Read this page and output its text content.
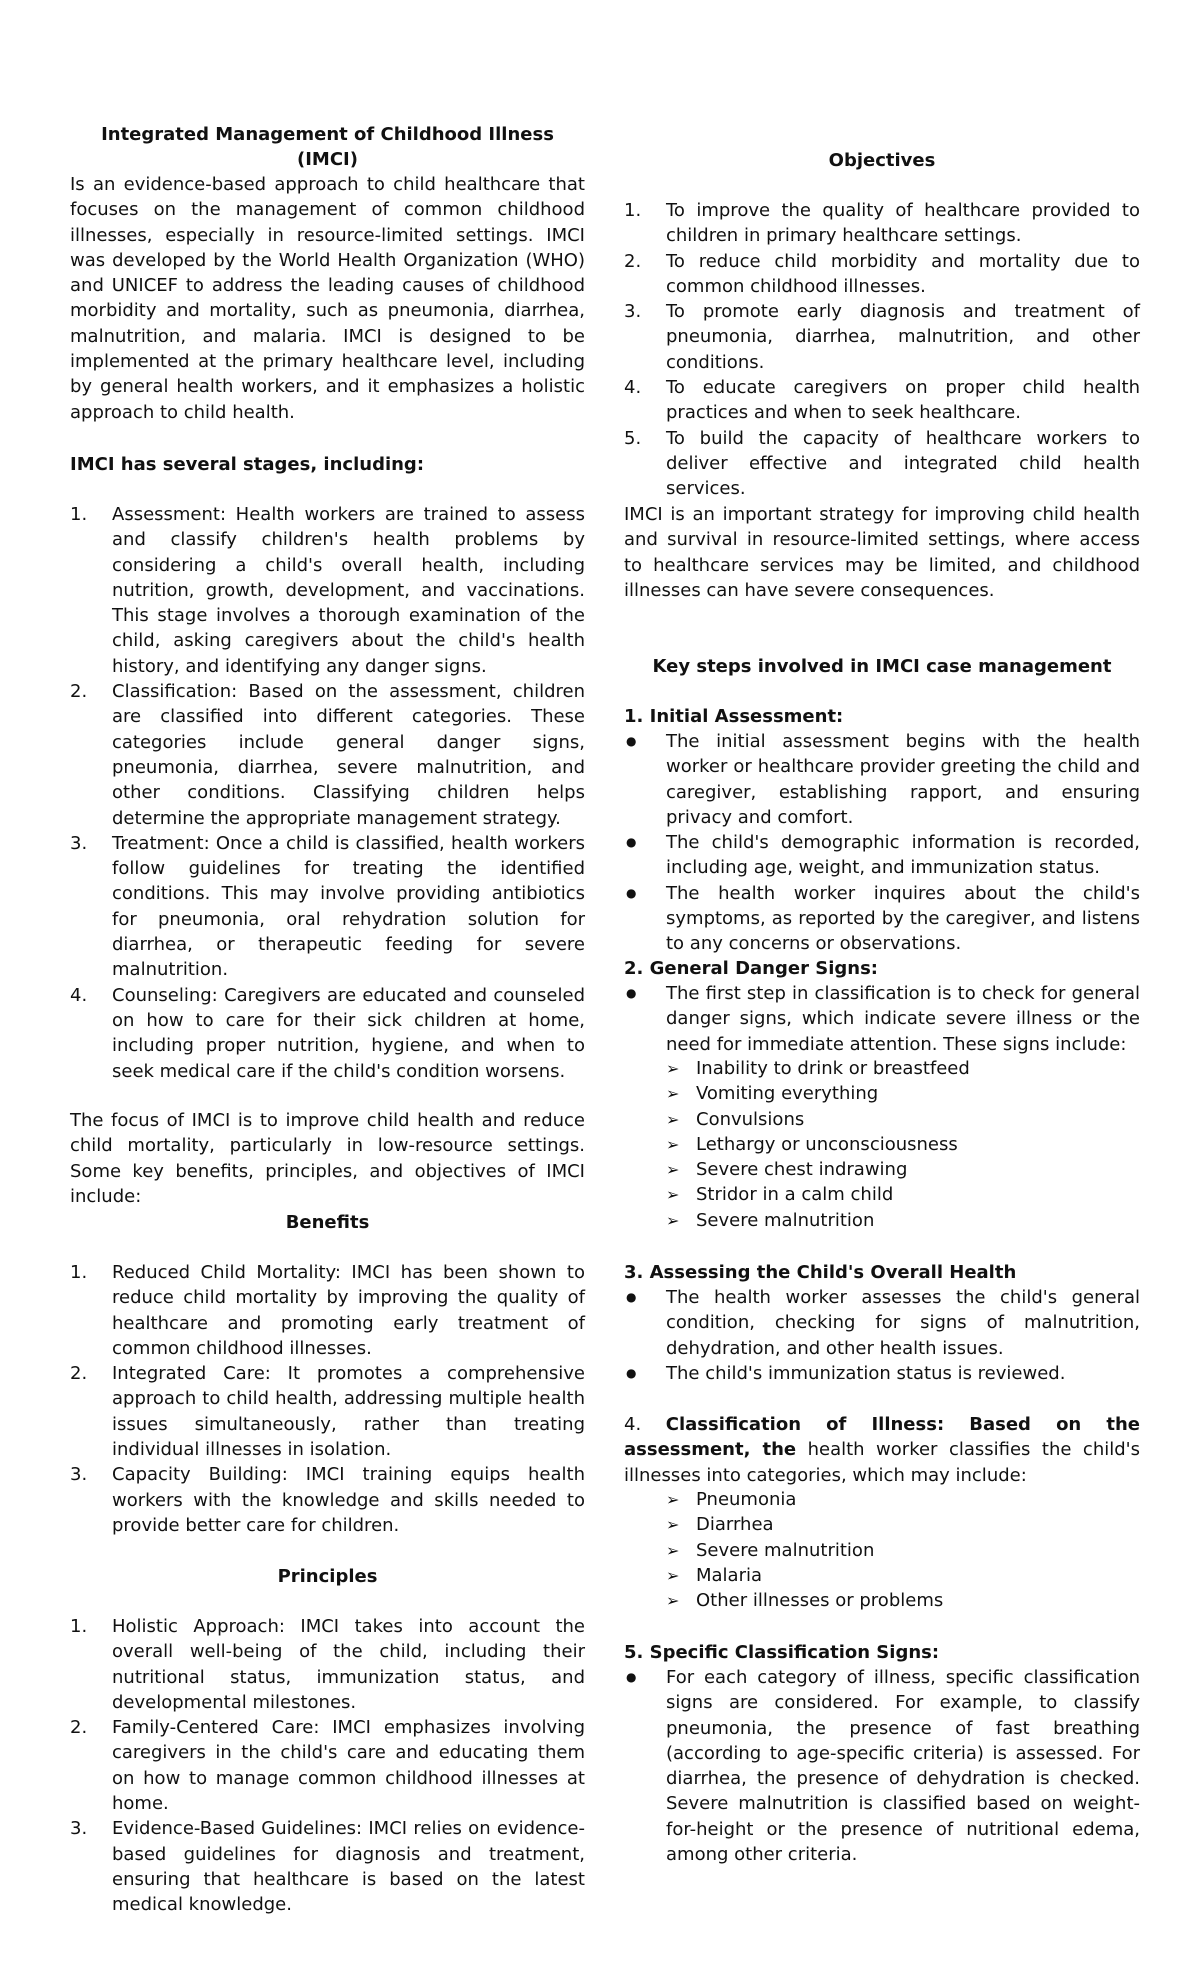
Integrated Management of Childhood Illness (IMCI)

Is an evidence-based approach to child healthcare that focuses on the management of common childhood illnesses, especially in resource-limited settings. IMCI was developed by the World Health Organization (WHO) and UNICEF to address the leading causes of childhood morbidity and mortality, such as pneumonia, diarrhea, malnutrition, and malaria. IMCI is designed to be implemented at the primary healthcare level, including by general health workers, and it emphasizes a holistic approach to child health.

IMCI has several stages, including:
1. Assessment: Health workers are trained to assess and classify children's health problems by considering a child's overall health, including nutrition, growth, development, and vaccinations. This stage involves a thorough examination of the child, asking caregivers about the child's health history, and identifying any danger signs.
2. Classification: Based on the assessment, children are classified into different categories. These categories include general danger signs, pneumonia, diarrhea, severe malnutrition, and other conditions. Classifying children helps determine the appropriate management strategy.
3. Treatment: Once a child is classified, health workers follow guidelines for treating the identified conditions. This may involve providing antibiotics for pneumonia, oral rehydration solution for diarrhea, or therapeutic feeding for severe malnutrition.
4. Counseling: Caregivers are educated and counseled on how to care for their sick children at home, including proper nutrition, hygiene, and when to seek medical care if the child's condition worsens.

The focus of IMCI is to improve child health and reduce child mortality, particularly in low-resource settings. Some key benefits, principles, and objectives of IMCI include:

Benefits
1. Reduced Child Mortality: IMCI has been shown to reduce child mortality by improving the quality of healthcare and promoting early treatment of common childhood illnesses.
2. Integrated Care: It promotes a comprehensive approach to child health, addressing multiple health issues simultaneously, rather than treating individual illnesses in isolation.
3. Capacity Building: IMCI training equips health workers with the knowledge and skills needed to provide better care for children.
Principles
1. Holistic Approach: IMCI takes into account the overall well-being of the child, including their nutritional status, immunization status, and developmental milestones.
2. Family-Centered Care: IMCI emphasizes involving caregivers in the child's care and educating them on how to manage common childhood illnesses at home.
3. Evidence-Based Guidelines: IMCI relies on evidence-based guidelines for diagnosis and treatment, ensuring that healthcare is based on the latest medical knowledge.
Objectives
1. To improve the quality of healthcare provided to children in primary healthcare settings.
2. To reduce child morbidity and mortality due to common childhood illnesses.
3. To promote early diagnosis and treatment of pneumonia, diarrhea, malnutrition, and other conditions.
4. To educate caregivers on proper child health practices and when to seek healthcare.
5. To build the capacity of healthcare workers to deliver effective and integrated child health services.

IMCI is an important strategy for improving child health and survival in resource-limited settings, where access to healthcare services may be limited, and childhood illnesses can have severe consequences.

Key steps involved in IMCI case management
1. Initial Assessment:
● The initial assessment begins with the health worker or healthcare provider greeting the child and caregiver, establishing rapport, and ensuring privacy and comfort.
● The child's demographic information is recorded, including age, weight, and immunization status.
● The health worker inquires about the child's symptoms, as reported by the caregiver, and listens to any concerns or observations.
2. General Danger Signs:
● The first step in classification is to check for general danger signs, which indicate severe illness or the need for immediate attention. These signs include:
➢ Inability to drink or breastfeed
➢ Vomiting everything
➢ Convulsions
➢ Lethargy or unconsciousness
➢ Severe chest indrawing
➢ Stridor in a calm child
➢ Severe malnutrition
3. Assessing the Child's Overall Health
● The health worker assesses the child's general condition, checking for signs of malnutrition, dehydration, and other health issues.
● The child's immunization status is reviewed.

4. Classification of Illness: Based on the assessment, the health worker classifies the child's illnesses into categories, which may include:

➢ Pneumonia
➢ Diarrhea
➢ Severe malnutrition
➢ Malaria
➢ Other illnesses or problems
5. Specific Classification Signs:
● For each category of illness, specific classification signs are considered. For example, to classify pneumonia, the presence of fast breathing (according to age-specific criteria) is assessed. For diarrhea, the presence of dehydration is checked. Severe malnutrition is classified based on weight-for-height or the presence of nutritional edema, among other criteria.
